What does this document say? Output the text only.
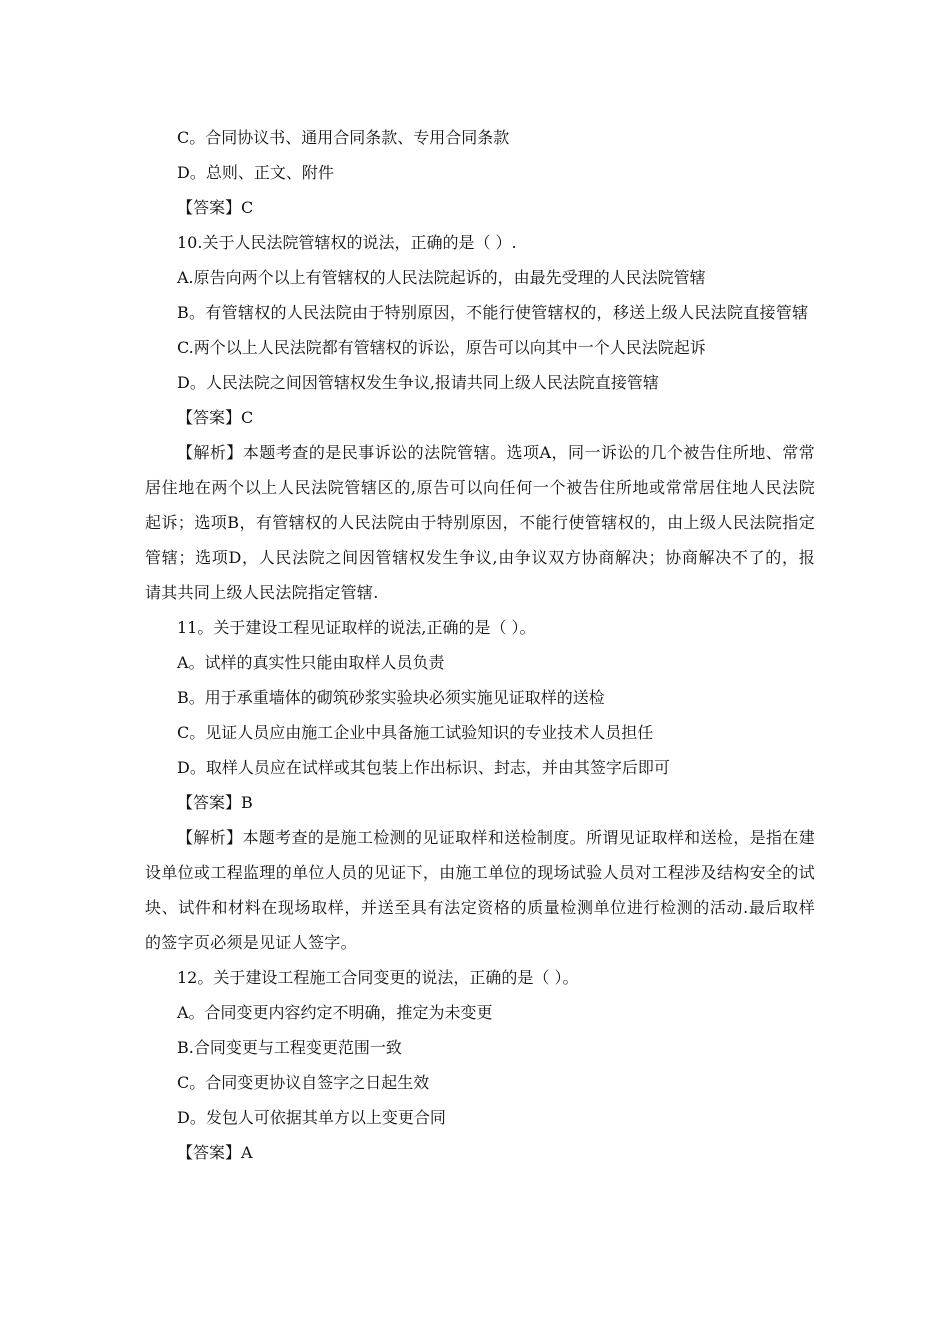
C。合同协议书、通用合同条款、专用合同条款
D。总则、正文、附件
【答案】C
10.关于人民法院管辖权的说法，正确的是（ ）.
A.原告向两个以上有管辖权的人民法院起诉的，由最先受理的人民法院管辖
B。有管辖权的人民法院由于特别原因，不能行使管辖权的，移送上级人民法院直接管辖
C.两个以上人民法院都有管辖权的诉讼，原告可以向其中一个人民法院起诉
D。人民法院之间因管辖权发生争议,报请共同上级人民法院直接管辖
【答案】C
【解析】本题考查的是民事诉讼的法院管辖。选项A，同一诉讼的几个被告住所地、常常居住地在两个以上人民法院管辖区的,原告可以向任何一个被告住所地或常常居住地人民法院起诉；选项B，有管辖权的人民法院由于特别原因，不能行使管辖权的，由上级人民法院指定管辖；选项D，人民法院之间因管辖权发生争议,由争议双方协商解决；协商解决不了的，报请其共同上级人民法院指定管辖.
11。关于建设工程见证取样的说法,正确的是（ ）。
A。试样的真实性只能由取样人员负责
B。用于承重墙体的砌筑砂浆实验块必须实施见证取样的送检
C。见证人员应由施工企业中具备施工试验知识的专业技术人员担任
D。取样人员应在试样或其包装上作出标识、封志，并由其签字后即可
【答案】B
【解析】本题考查的是施工检测的见证取样和送检制度。所谓见证取样和送检，是指在建设单位或工程监理的单位人员的见证下，由施工单位的现场试验人员对工程涉及结构安全的试块、试件和材料在现场取样，并送至具有法定资格的质量检测单位进行检测的活动.最后取样的签字页必须是见证人签字。
12。关于建设工程施工合同变更的说法，正确的是（ ）。
A。合同变更内容约定不明确，推定为未变更
B.合同变更与工程变更范围一致
C。合同变更协议自签字之日起生效
D。发包人可依据其单方以上变更合同
【答案】A
